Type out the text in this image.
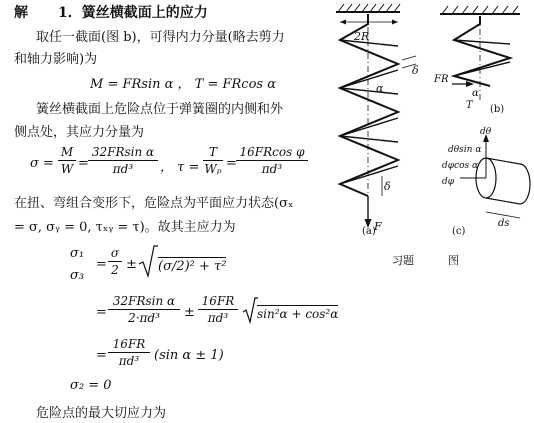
解 1．簧丝横截面上的应力
取任一截面(图 b)，可得内力分量(略去剪力
和轴力影响)为
M = FRsin α ， T = FRcos α
簧丝横截面上危险点位于弹簧圈的内侧和外
侧点处，其应力分量为
σ =
M
W =
32FRsin α
πd³	， τ =
T
Wₚ =
16FRcos φ
πd³
在扭、弯组合变形下，危险点为平面应力状态(σₓ
= σ, σᵧ = 0, τₓᵧ = τ)。故其主应力为
σ₁
σ₃
=
σ
2 ± (σ/2)² + τ²
=
32FRsin α
2·πd³	±
16FR
πd³	sin²α + cos²α
=
16FR
πd³	(sin α ± 1)
σ₂ = 0
危险点的最大切应力为
2R
δ
α
δ
F
(a)
FR
α
T (b)
dθ
dθsin α
dφcos α
dφ
ds
(c)
习题	图
